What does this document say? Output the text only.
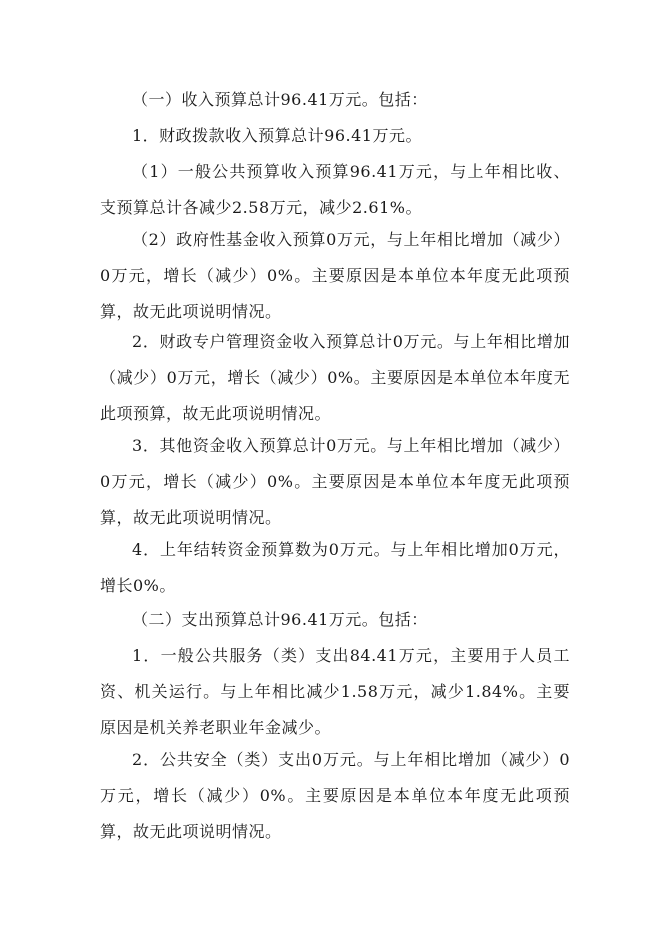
（一）收入预算总计96.41万元。包括：

1．财政拨款收入预算总计96.41万元。

（1）一般公共预算收入预算96.41万元，与上年相比收、支预算总计各减少2.58万元，减少2.61%。

（2）政府性基金收入预算0万元，与上年相比增加（减少）0万元，增长（减少）0%。主要原因是本单位本年度无此项预算，故无此项说明情况。

2．财政专户管理资金收入预算总计0万元。与上年相比增加（减少）0万元，增长（减少）0%。主要原因是本单位本年度无此项预算，故无此项说明情况。

3．其他资金收入预算总计0万元。与上年相比增加（减少）0万元，增长（减少）0%。主要原因是本单位本年度无此项预算，故无此项说明情况。

4．上年结转资金预算数为0万元。与上年相比增加0万元，增长0%。

（二）支出预算总计96.41万元。包括：

1．一般公共服务（类）支出84.41万元，主要用于人员工资、机关运行。与上年相比减少1.58万元，减少1.84%。主要原因是机关养老职业年金减少。

2．公共安全（类）支出0万元。与上年相比增加（减少）0万元，增长（减少）0%。主要原因是本单位本年度无此项预算，故无此项说明情况。
